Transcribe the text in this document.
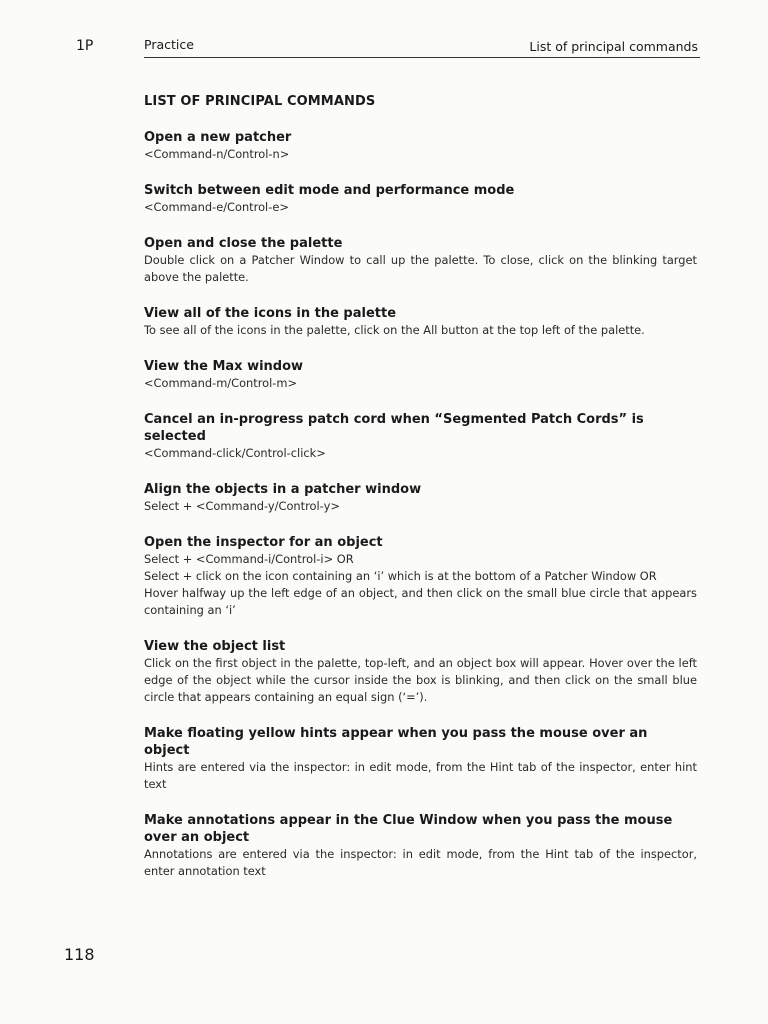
1P	Practice	List of principal commands
LIST OF PRINCIPAL COMMANDS
Open a new patcher
<Command-n/Control-n>
Switch between edit mode and performance mode
<Command-e/Control-e>
Open and close the palette
Double click on a Patcher Window to call up the palette. To close, click on the blinking target above the palette.
View all of the icons in the palette
To see all of the icons in the palette, click on the All button at the top left of the palette.
View the Max window
<Command-m/Control-m>
Cancel an in-progress patch cord when “Segmented Patch Cords” is selected
<Command-click/Control-click>
Align the objects in a patcher window
Select + <Command-y/Control-y>
Open the inspector for an object
Select + <Command-i/Control-i> OR
Select + click on the icon containing an ‘i’ which is at the bottom of a Patcher Window OR
Hover halfway up the left edge of an object, and then click on the small blue circle that appears containing an ‘i’
View the object list
Click on the first object in the palette, top-left, and an object box will appear. Hover over the left edge of the object while the cursor inside the box is blinking, and then click on the small blue circle that appears containing an equal sign (‘=’).
Make floating yellow hints appear when you pass the mouse over an object
Hints are entered via the inspector: in edit mode, from the Hint tab of the inspector, enter hint text
Make annotations appear in the Clue Window when you pass the mouse over an object
Annotations are entered via the inspector: in edit mode, from the Hint tab of the inspector, enter annotation text
118
